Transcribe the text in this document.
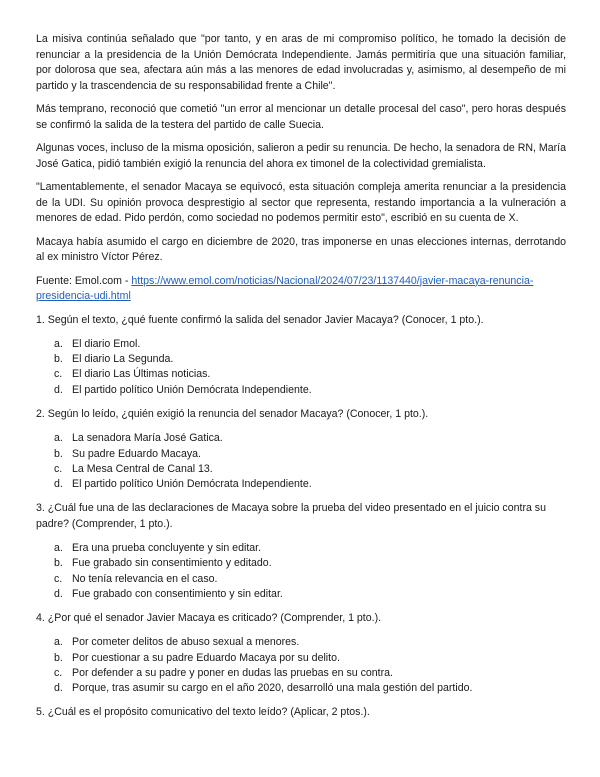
La misiva continúa señalado que "por tanto, y en aras de mi compromiso político, he tomado la decisión de renunciar a la presidencia de la Unión Demócrata Independiente. Jamás permitiría que una situación familiar, por dolorosa que sea, afectara aún más a las menores de edad involucradas y, asimismo, al desempeño de mi partido y la trascendencia de su responsabilidad frente a Chile".

Más temprano, reconoció que cometió "un error al mencionar un detalle procesal del caso", pero horas después se confirmó la salida de la testera del partido de calle Suecia.

Algunas voces, incluso de la misma oposición, salieron a pedir su renuncia. De hecho, la senadora de RN, María José Gatica, pidió también exigió la renuncia del ahora ex timonel de la colectividad gremialista.

"Lamentablemente, el senador Macaya se equivocó, esta situación compleja amerita renunciar a la presidencia de la UDI. Su opinión provoca desprestigio al sector que representa, restando importancia a la vulneración a menores de edad. Pido perdón, como sociedad no podemos permitir esto", escribió en su cuenta de X.

Macaya había asumido el cargo en diciembre de 2020, tras imponerse en unas elecciones internas, derrotando al ex ministro Víctor Pérez.

Fuente: Emol.com - https://www.emol.com/noticias/Nacional/2024/07/23/1137440/javier-macaya-renuncia-presidencia-udi.html

1. Según el texto, ¿qué fuente confirmó la salida del senador Javier Macaya? (Conocer, 1 pto.).

a. El diario Emol.
b. El diario La Segunda.
c. El diario Las Últimas noticias.
d. El partido político Unión Demócrata Independiente.

2. Según lo leído, ¿quién exigió la renuncia del senador Macaya? (Conocer, 1 pto.).

a. La senadora María José Gatica.
b. Su padre Eduardo Macaya.
c. La Mesa Central de Canal 13.
d. El partido político Unión Demócrata Independiente.

3. ¿Cuál fue una de las declaraciones de Macaya sobre la prueba del video presentado en el juicio contra su padre? (Comprender, 1 pto.).

a. Era una prueba concluyente y sin editar.
b. Fue grabado sin consentimiento y editado.
c. No tenía relevancia en el caso.
d. Fue grabado con consentimiento y sin editar.

4. ¿Por qué el senador Javier Macaya es criticado? (Comprender, 1 pto.).

a. Por cometer delitos de abuso sexual a menores.
b. Por cuestionar a su padre Eduardo Macaya por su delito.
c. Por defender a su padre y poner en dudas las pruebas en su contra.
d. Porque, tras asumir su cargo en el año 2020, desarrolló una mala gestión del partido.

5. ¿Cuál es el propósito comunicativo del texto leído? (Aplicar, 2 ptos.).
